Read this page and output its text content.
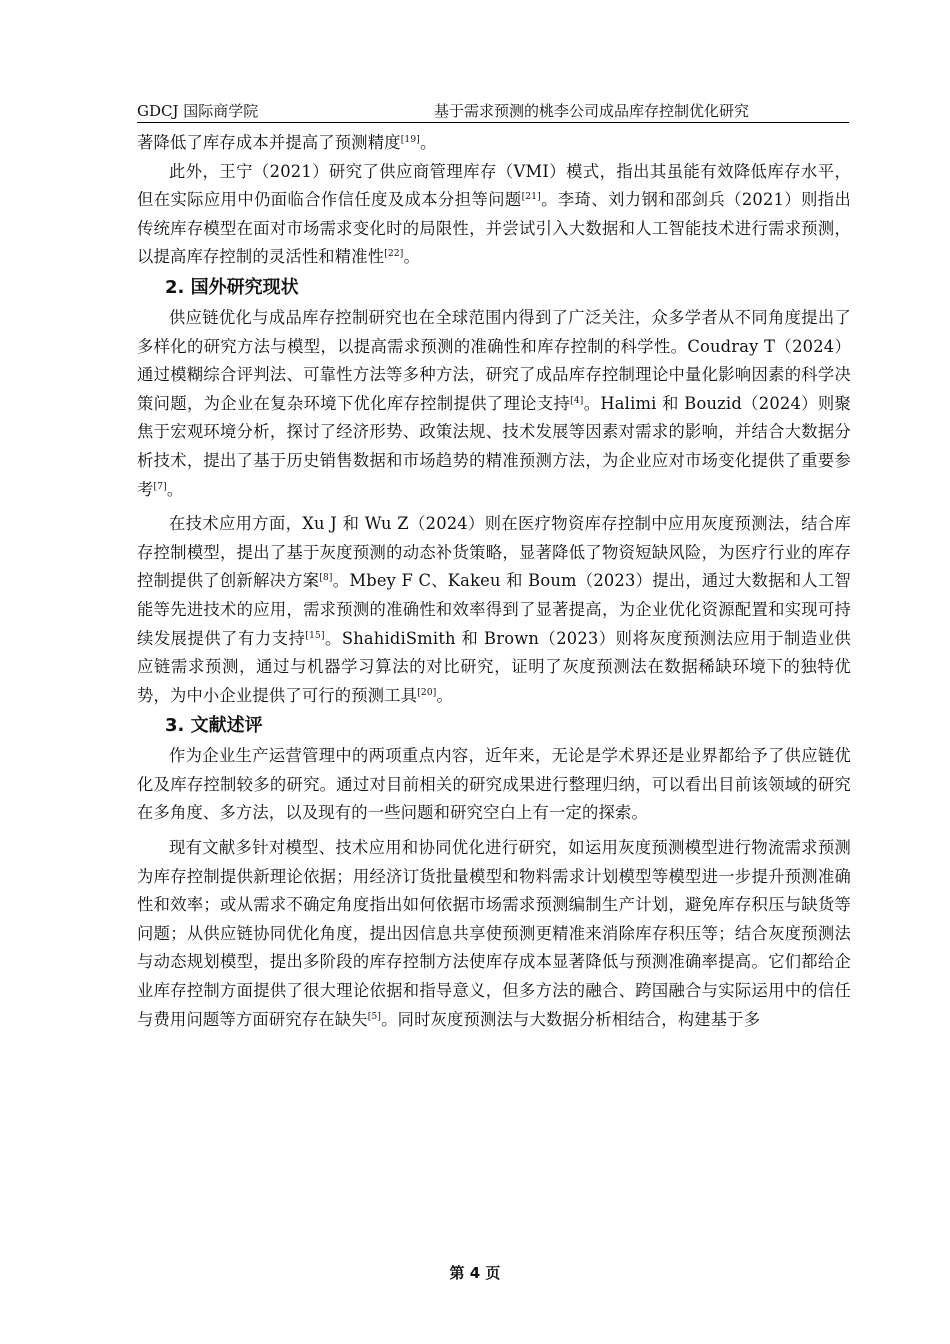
GDCJ 国际商学院	基于需求预测的桃李公司成品库存控制优化研究

著降低了库存成本并提高了预测精度[19]。

此外，王宁（2021）研究了供应商管理库存（VMI）模式，指出其虽能有效降低库存水平，但在实际应用中仍面临合作信任度及成本分担等问题[21]。李琦、刘力钢和邵剑兵（2021）则指出传统库存模型在面对市场需求变化时的局限性，并尝试引入大数据和人工智能技术进行需求预测，以提高库存控制的灵活性和精准性[22]。

2. 国外研究现状

供应链优化与成品库存控制研究也在全球范围内得到了广泛关注，众多学者从不同角度提出了多样化的研究方法与模型，以提高需求预测的准确性和库存控制的科学性。Coudray T（2024）通过模糊综合评判法、可靠性方法等多种方法，研究了成品库存控制理论中量化影响因素的科学决策问题，为企业在复杂环境下优化库存控制提供了理论支持[4]。Halimi 和 Bouzid（2024）则聚焦于宏观环境分析，探讨了经济形势、政策法规、技术发展等因素对需求的影响，并结合大数据分析技术，提出了基于历史销售数据和市场趋势的精准预测方法，为企业应对市场变化提供了重要参考[7]。

在技术应用方面，Xu J 和 Wu Z（2024）则在医疗物资库存控制中应用灰度预测法，结合库存控制模型，提出了基于灰度预测的动态补货策略，显著降低了物资短缺风险，为医疗行业的库存控制提供了创新解决方案[8]。Mbey F C、Kakeu 和 Boum（2023）提出，通过大数据和人工智能等先进技术的应用，需求预测的准确性和效率得到了显著提高，为企业优化资源配置和实现可持续发展提供了有力支持[15]。ShahidiSmith 和 Brown（2023）则将灰度预测法应用于制造业供应链需求预测，通过与机器学习算法的对比研究，证明了灰度预测法在数据稀缺环境下的独特优势，为中小企业提供了可行的预测工具[20]。

3. 文献述评

作为企业生产运营管理中的两项重点内容，近年来，无论是学术界还是业界都给予了供应链优化及库存控制较多的研究。通过对目前相关的研究成果进行整理归纳，可以看出目前该领域的研究在多角度、多方法，以及现有的一些问题和研究空白上有一定的探索。

现有文献多针对模型、技术应用和协同优化进行研究，如运用灰度预测模型进行物流需求预测为库存控制提供新理论依据；用经济订货批量模型和物料需求计划模型等模型进一步提升预测准确性和效率；或从需求不确定角度指出如何依据市场需求预测编制生产计划，避免库存积压与缺货等问题；从供应链协同优化角度，提出因信息共享使预测更精准来消除库存积压等；结合灰度预测法与动态规划模型，提出多阶段的库存控制方法使库存成本显著降低与预测准确率提高。它们都给企业库存控制方面提供了很大理论依据和指导意义，但多方法的融合、跨国融合与实际运用中的信任与费用问题等方面研究存在缺失[5]。同时灰度预测法与大数据分析相结合，构建基于多

第 4 页
